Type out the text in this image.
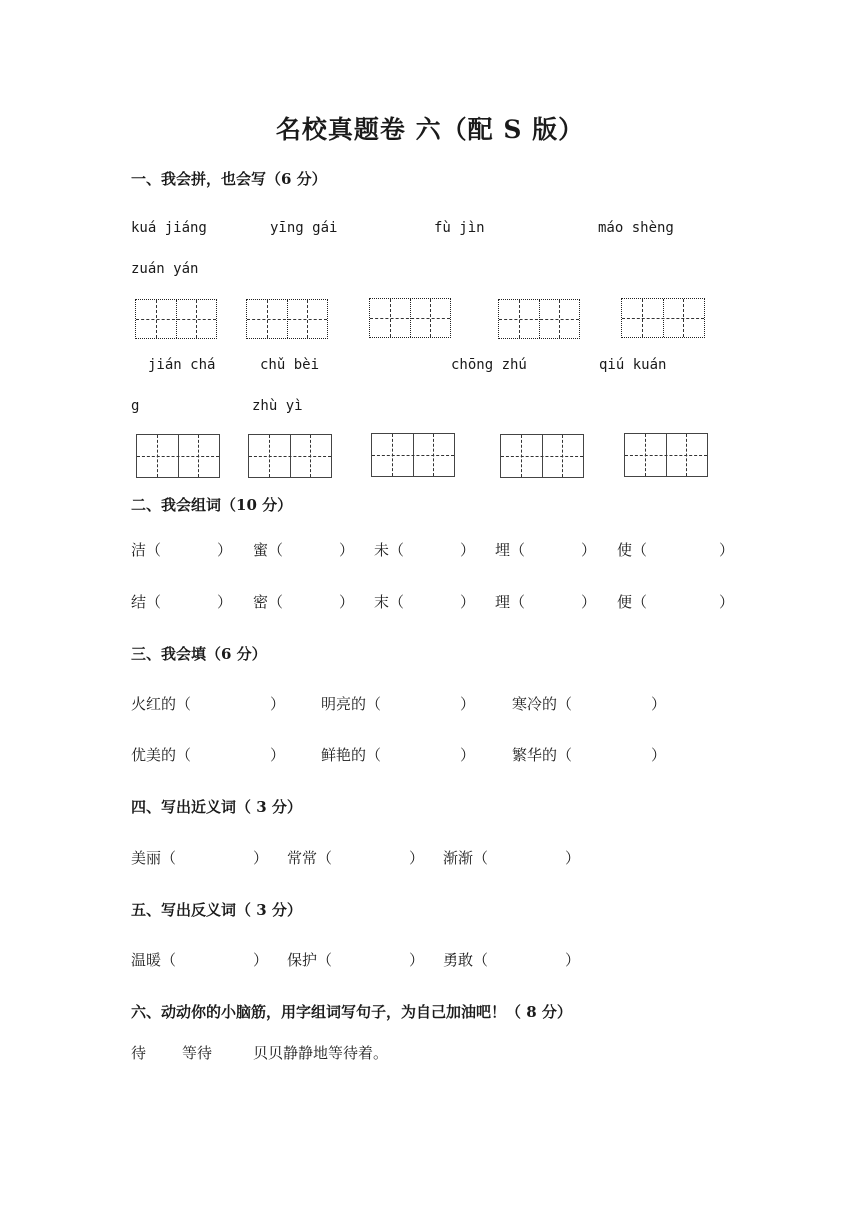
名校真题卷 六（配 S 版）
一、我会拼，也会写（6 分）
kuá jiáng	yīng gái	fù jìn	máo shèng
zuán yán
jián chá	chǔ bèi	chōng zhú	qiú kuán
g	zhù yì
二、我会组词（10 分）
洁（	） 蜜（	） 未（	） 埋（	） 使（	）
结（	） 密（	） 末（	） 理（	） 便（	）
三、我会填（6 分）
火红的（	） 明亮的（	） 寒冷的（	）
优美的（	） 鲜艳的（	） 繁华的（	）
四、写出近义词（ 3 分）
美丽（	） 常常（	） 渐渐（	）
五、写出反义词（ 3 分）
温暖（	） 保护（	） 勇敢（	）
六、动动你的小脑筋，用字组词写句子，为自己加油吧！（ 8 分）
待 等待	贝贝静静地等待着。
